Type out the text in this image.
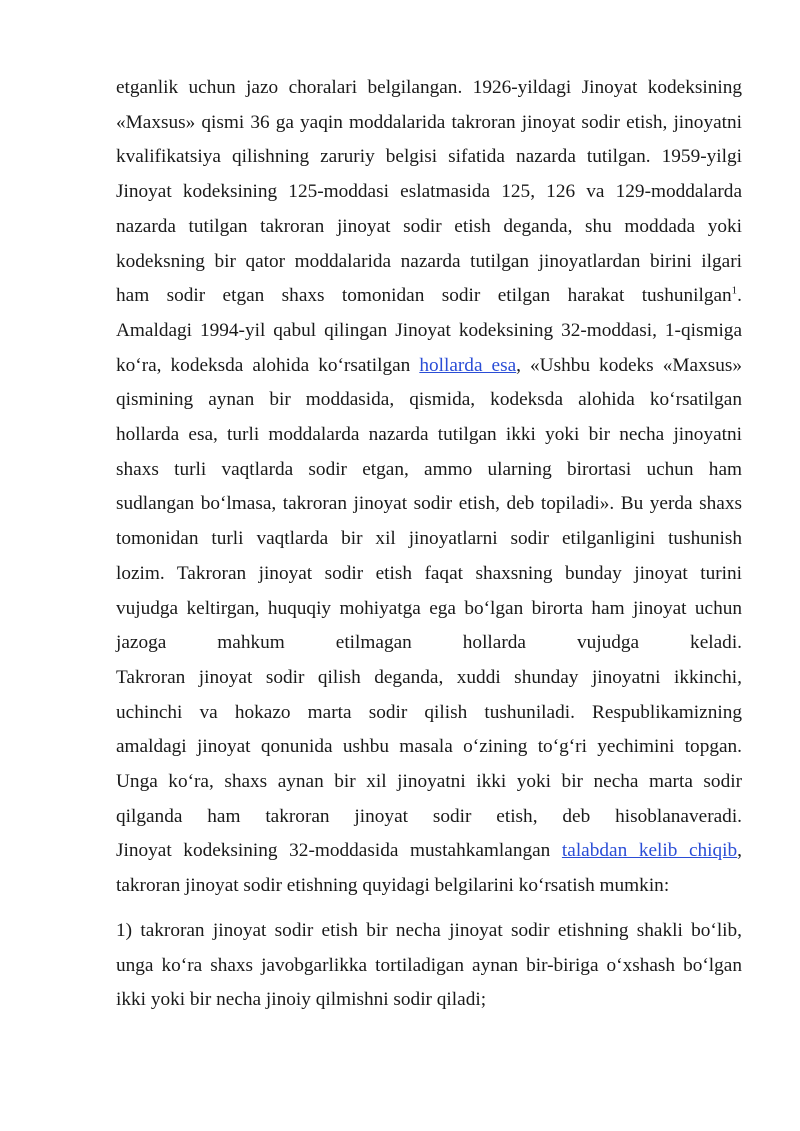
etganlik uchun jazo choralari belgilangan. 1926-yildagi Jinoyat kodeksining
«Maxsus» qismi 36 ga yaqin moddalarida takroran jinoyat sodir etish, jinoyatni
kvalifikatsiya qilishning zaruriy belgisi sifatida nazarda tutilgan. 1959-yilgi
Jinoyat kodeksining 125-moddasi eslatmasida 125, 126 va 129-moddalarda
nazarda tutilgan takroran jinoyat sodir etish deganda, shu moddada yoki
kodeksning bir qator moddalarida nazarda tutilgan jinoyatlardan birini ilgari
ham sodir etgan shaxs tomonidan sodir etilgan harakat tushunilgan$^1$.
Amaldagi 1994-yil qabul qilingan Jinoyat kodeksining 32-moddasi, 1-qismiga
ko‘ra, kodeksda alohida ko‘rsatilgan hollarda esa, «Ushbu kodeks «Maxsus»
qismining aynan bir moddasida, qismida, kodeksda alohida ko‘rsatilgan
hollarda esa, turli moddalarda nazarda tutilgan ikki yoki bir necha jinoyatni
shaxs turli vaqtlarda sodir etgan, ammo ularning birortasi uchun ham
sudlangan bo‘lmasa, takroran jinoyat sodir etish, deb topiladi». Bu yerda shaxs
tomonidan turli vaqtlarda bir xil jinoyatlarni sodir etilganligini tushunish
lozim. Takroran jinoyat sodir etish faqat shaxsning bunday jinoyat turini
vujudga keltirgan, huquqiy mohiyatga ega bo‘lgan birorta ham jinoyat uchun
jazoga mahkum etilmagan hollarda vujudga keladi.
Takroran jinoyat sodir qilish deganda, xuddi shunday jinoyatni ikkinchi,
uchinchi va hokazo marta sodir qilish tushuniladi. Respublikamizning
amaldagi jinoyat qonunida ushbu masala o‘zining to‘g‘ri yechimini topgan.
Unga ko‘ra, shaxs aynan bir xil jinoyatni ikki yoki bir necha marta sodir
qilganda ham takroran jinoyat sodir etish, deb hisoblanaveradi.
Jinoyat kodeksining 32-moddasida mustahkamlangan talabdan kelib chiqib,
takroran jinoyat sodir etishning quyidagi belgilarini ko‘rsatish mumkin:

1) takroran jinoyat sodir etish bir necha jinoyat sodir etishning shakli bo‘lib,
unga ko‘ra shaxs javobgarlikka tortiladigan aynan bir-biriga o‘xshash bo‘lgan
ikki yoki bir necha jinoiy qilmishni sodir qiladi;
